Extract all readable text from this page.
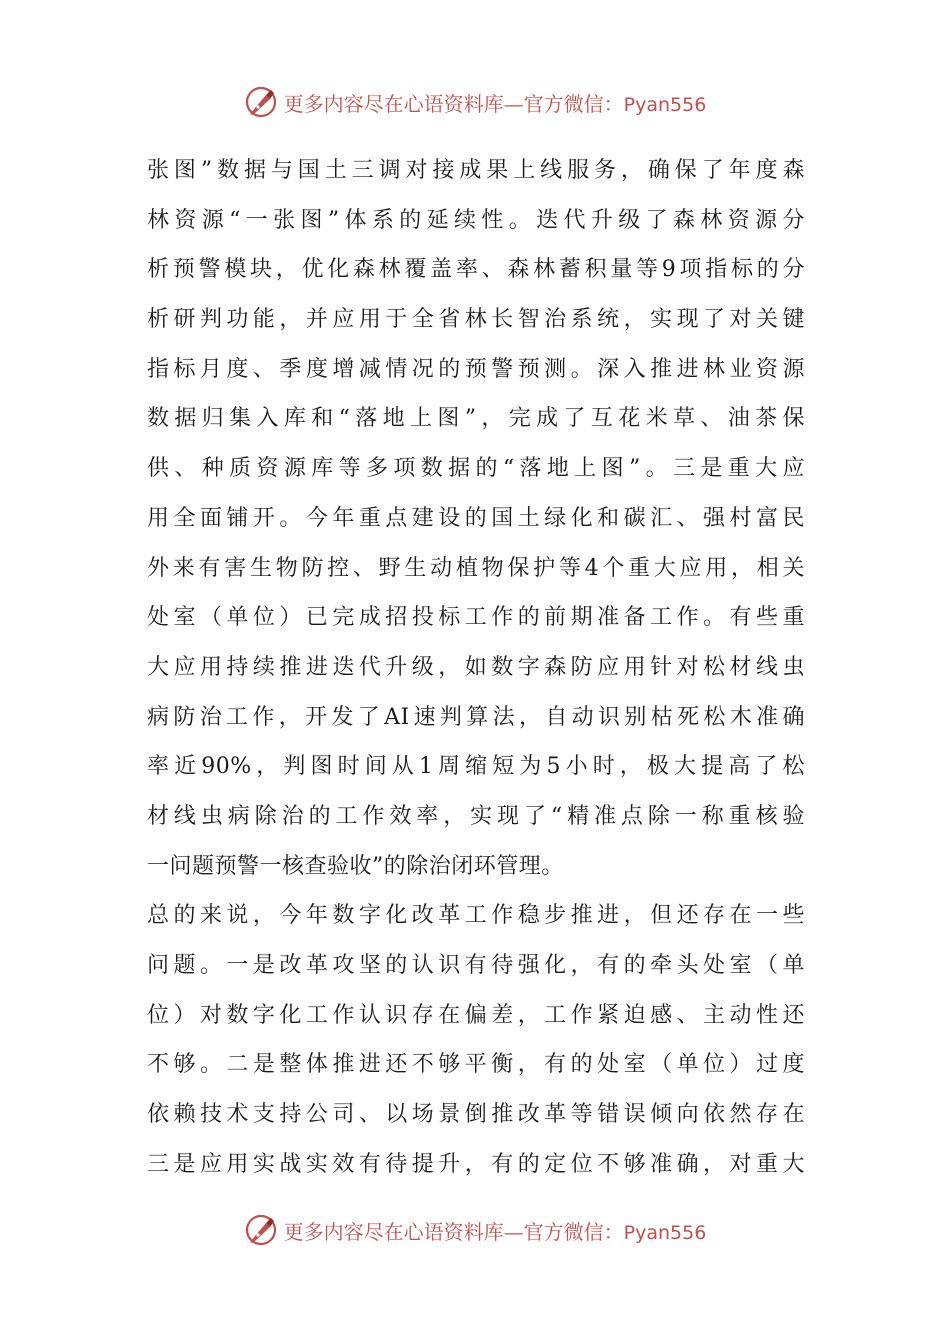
更多内容尽在心语资料库—官方微信：Pyan556
张图”数据与国土三调对接成果上线服务，确保了年度森
林资源“一张图”体系的延续性。迭代升级了森林资源分
析预警模块，优化森林覆盖率、森林蓄积量等9项指标的分
析研判功能，并应用于全省林长智治系统，实现了对关键
指标月度、季度增减情况的预警预测。深入推进林业资源
数据归集入库和“落地上图”，完成了互花米草、油茶保
供、种质资源库等多项数据的“落地上图”。三是重大应
用全面铺开。今年重点建设的国土绿化和碳汇、强村富民
外来有害生物防控、野生动植物保护等4个重大应用，相关
处室（单位）已完成招投标工作的前期准备工作。有些重
大应用持续推进迭代升级，如数字森防应用针对松材线虫
病防治工作，开发了AI速判算法，自动识别枯死松木准确
率近90%，判图时间从1周缩短为5小时，极大提高了松
材线虫病除治的工作效率，实现了“精准点除一称重核验
一问题预警一核查验收”的除治闭环管理。
总的来说，今年数字化改革工作稳步推进，但还存在一些
问题。一是改革攻坚的认识有待强化，有的牵头处室（单
位）对数字化工作认识存在偏差，工作紧迫感、主动性还
不够。二是整体推进还不够平衡，有的处室（单位）过度
依赖技术支持公司、以场景倒推改革等错误倾向依然存在
三是应用实战实效有待提升，有的定位不够准确，对重大
更多内容尽在心语资料库—官方微信：Pyan556
